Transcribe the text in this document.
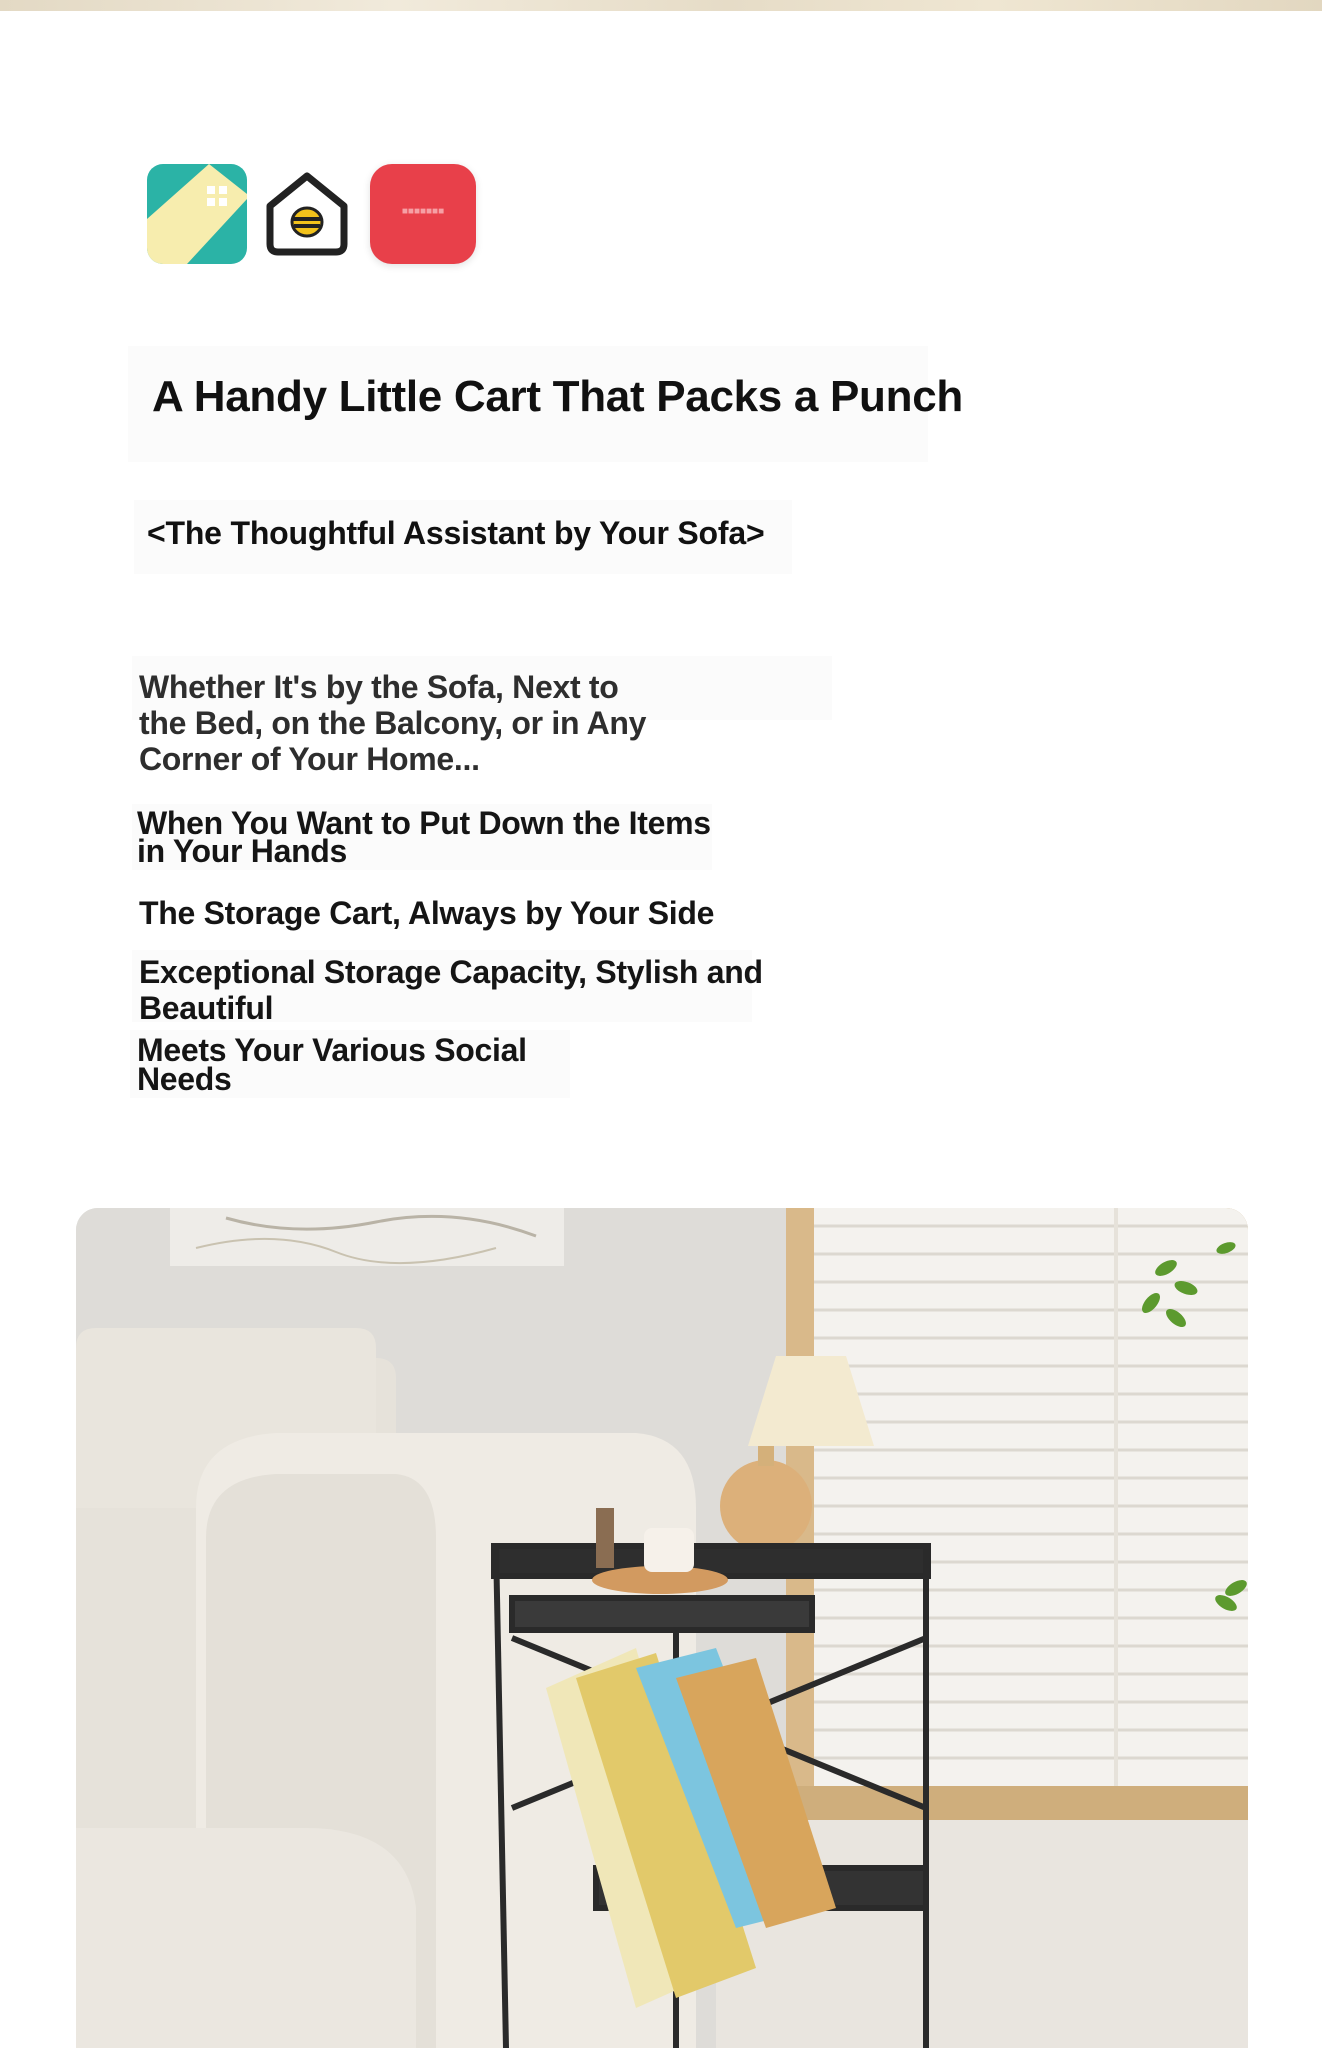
■■■■■■■
A Handy Little Cart That Packs a Punch
<The Thoughtful Assistant by Your Sofa>
Whether It's by the Sofa, Next to
the Bed, on the Balcony, or in Any
Corner of Your Home...
When You Want to Put Down the Items
in Your Hands
The Storage Cart, Always by Your Side
Exceptional Storage Capacity, Stylish and
Beautiful
Meets Your Various Social
Needs
